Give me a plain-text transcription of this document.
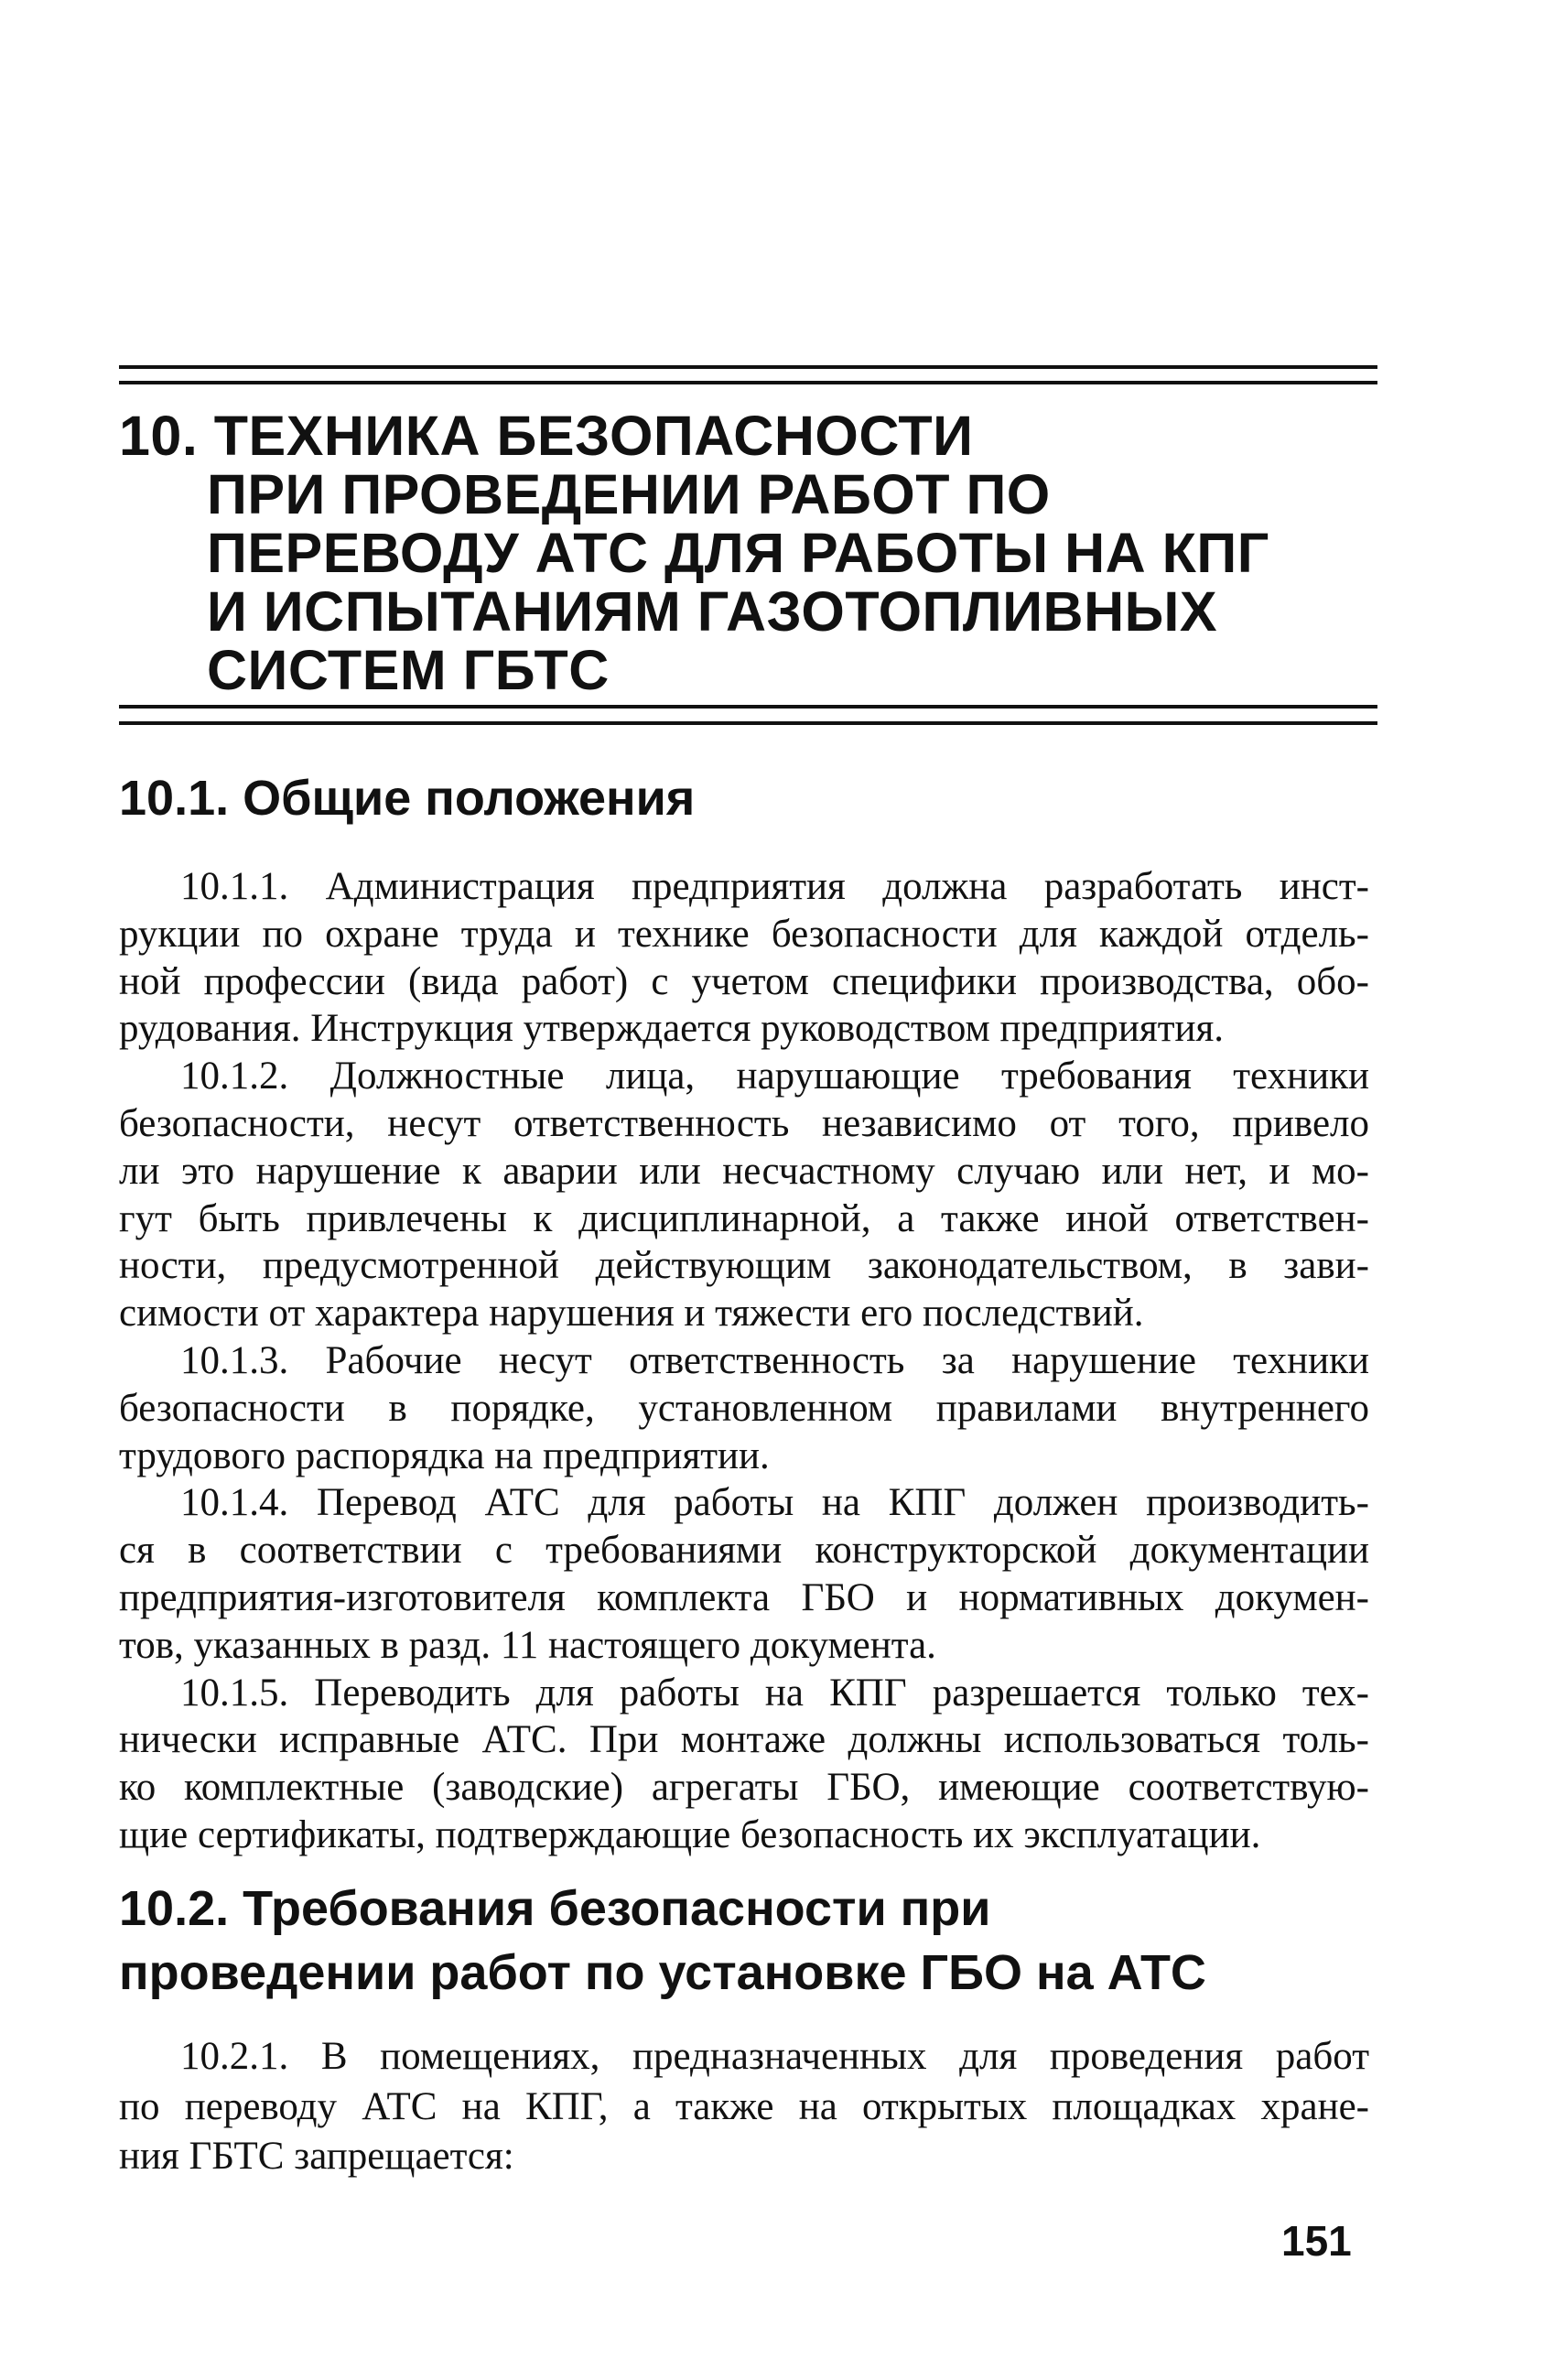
10. ТЕХНИКА БЕЗОПАСНОСТИ
ПРИ ПРОВЕДЕНИИ РАБОТ ПО
ПЕРЕВОДУ АТС ДЛЯ РАБОТЫ НА КПГ
И ИСПЫТАНИЯМ ГАЗОТОПЛИВНЫХ
СИСТЕМ ГБТС
10.1. Общие положения
10.1.1. Администрация предприятия должна разработать инст-
рукции по охране труда и технике безопасности для каждой отдель-
ной профессии (вида работ) с учетом специфики производства, обо-
рудования. Инструкция утверждается руководством предприятия.
10.1.2. Должностные лица, нарушающие требования техники
безопасности, несут ответственность независимо от того, привело
ли это нарушение к аварии или несчастному случаю или нет, и мо-
гут быть привлечены к дисциплинарной, а также иной ответствен-
ности, предусмотренной действующим законодательством, в зави-
симости от характера нарушения и тяжести его последствий.
10.1.3. Рабочие несут ответственность за нарушение техники
безопасности в порядке, установленном правилами внутреннего
трудового распорядка на предприятии.
10.1.4. Перевод АТС для работы на КПГ должен производить-
ся в соответствии с требованиями конструкторской документации
предприятия-изготовителя комплекта ГБО и нормативных докумен-
тов, указанных в разд. 11 настоящего документа.
10.1.5. Переводить для работы на КПГ разрешается только тех-
нически исправные АТС. При монтаже должны использоваться толь-
ко комплектные (заводские) агрегаты ГБО, имеющие соответствую-
щие сертификаты, подтверждающие безопасность их эксплуатации.
10.2. Требования безопасности при
проведении работ по установке ГБО на АТС
10.2.1. В помещениях, предназначенных для проведения работ
по переводу АТС на КПГ, а также на открытых площадках хране-
ния ГБТС запрещается:
151
